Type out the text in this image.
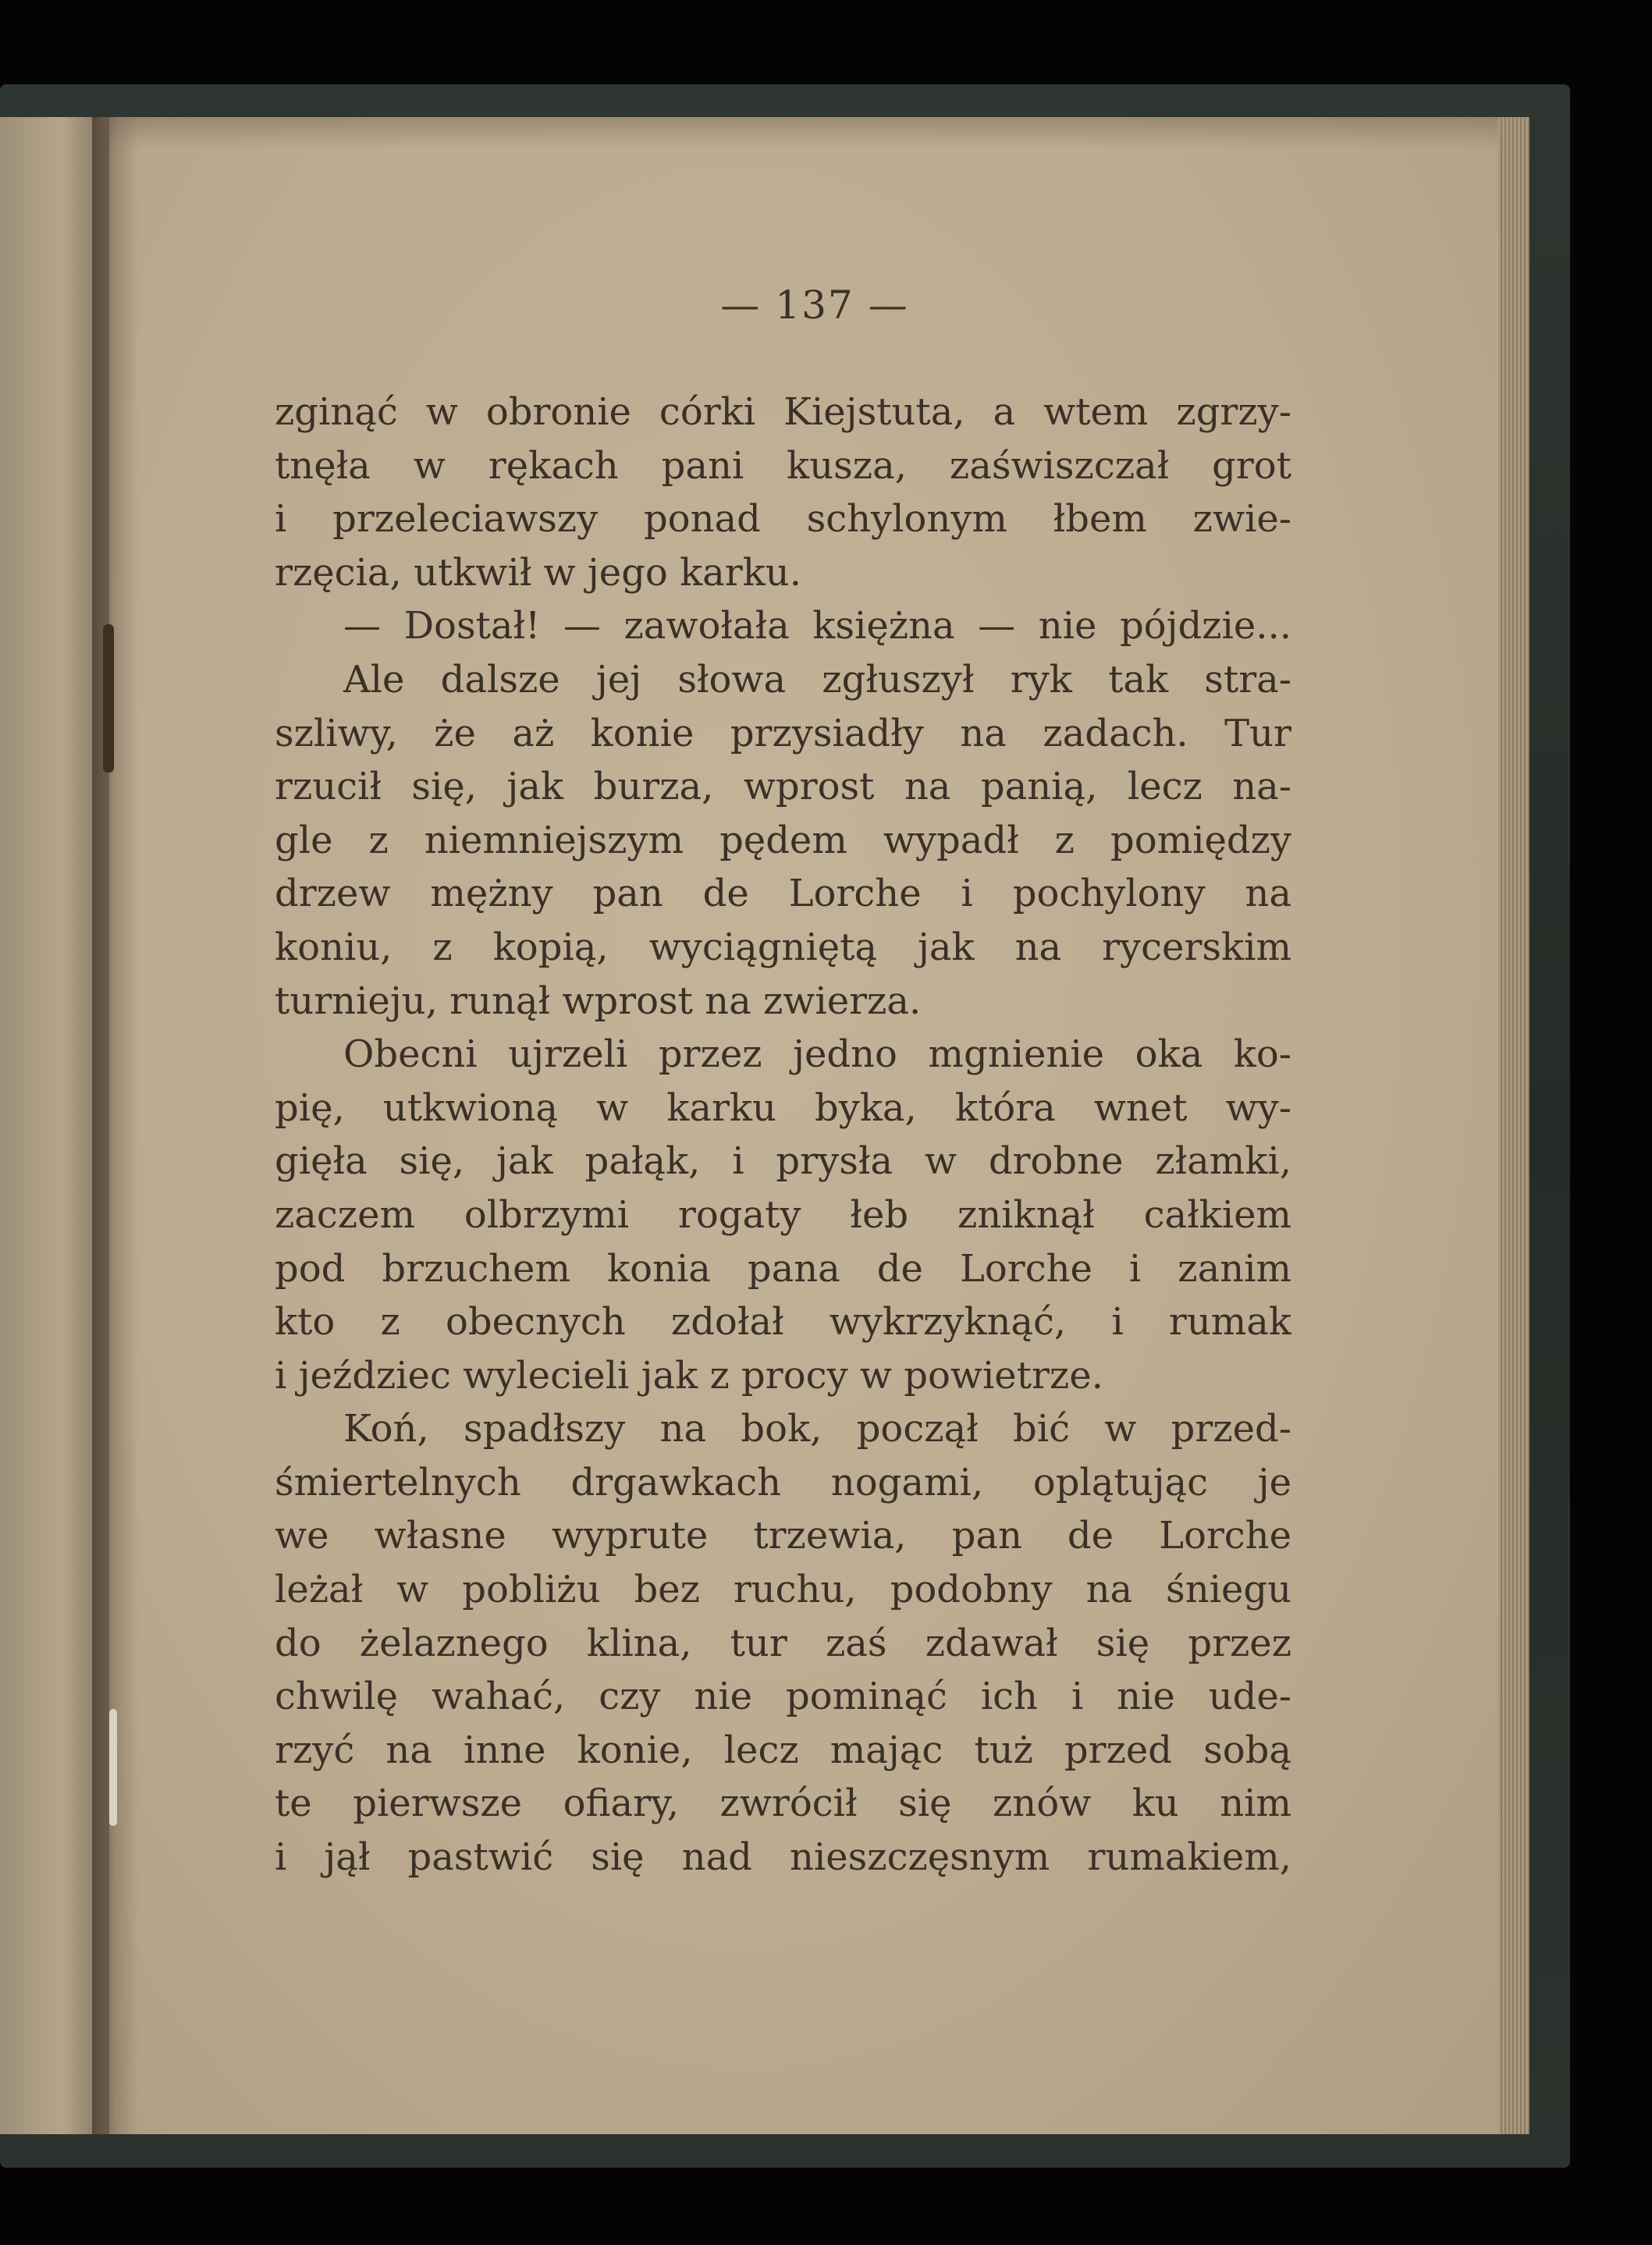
— 137 —
zginąć w obronie córki Kiejstuta, a wtem zgrzy-
tnęła w rękach pani kusza, zaświszczał grot
i przeleciawszy ponad schylonym łbem zwie-
rzęcia, utkwił w jego karku.
— Dostał! — zawołała księżna — nie pójdzie...
Ale dalsze jej słowa zgłuszył ryk tak stra-
szliwy, że aż konie przysiadły na zadach. Tur
rzucił się, jak burza, wprost na panią, lecz na-
gle z niemniejszym pędem wypadł z pomiędzy
drzew mężny pan de Lorche i pochylony na
koniu, z kopią, wyciągniętą jak na rycerskim
turnieju, runął wprost na zwierza.
Obecni ujrzeli przez jedno mgnienie oka ko-
pię, utkwioną w karku byka, która wnet wy-
gięła się, jak pałąk, i prysła w drobne złamki,
zaczem olbrzymi rogaty łeb zniknął całkiem
pod brzuchem konia pana de Lorche i zanim
kto z obecnych zdołał wykrzyknąć, i rumak
i jeździec wylecieli jak z procy w powietrze.
Koń, spadłszy na bok, począł bić w przed-
śmiertelnych drgawkach nogami, oplątując je
we własne wyprute trzewia, pan de Lorche
leżał w pobliżu bez ruchu, podobny na śniegu
do żelaznego klina, tur zaś zdawał się przez
chwilę wahać, czy nie pominąć ich i nie ude-
rzyć na inne konie, lecz mając tuż przed sobą
te pierwsze ofiary, zwrócił się znów ku nim
i jął pastwić się nad nieszczęsnym rumakiem,
